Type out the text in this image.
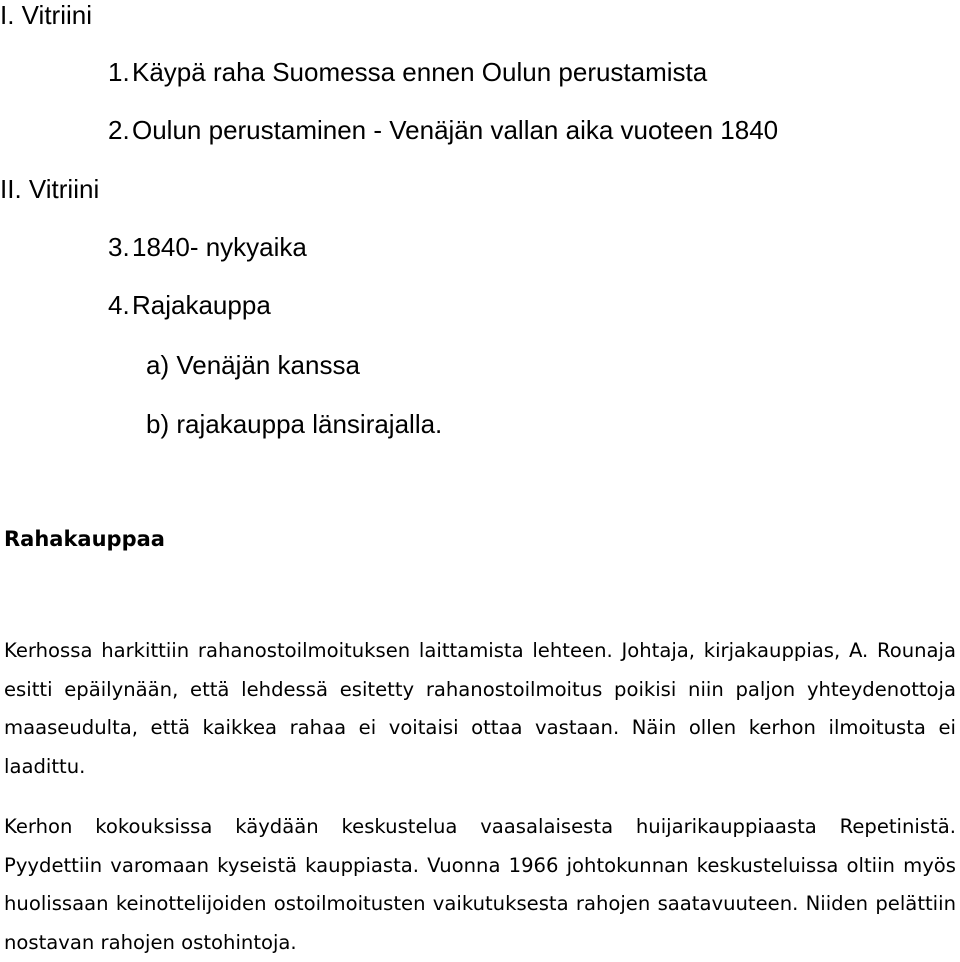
I. Vitriini
1.Käypä raha Suomessa ennen Oulun perustamista
2.Oulun perustaminen - Venäjän vallan aika vuoteen 1840
II. Vitriini
3.1840- nykyaika
4.Rajakauppa
a) Venäjän kanssa
b) rajakauppa länsirajalla.
Rahakauppaa

Kerhossa harkittiin rahanostoilmoituksen laittamista lehteen. Johtaja, kirjakauppias, A. Rounaja esitti epäilynään, että lehdessä esitetty rahanostoilmoitus poikisi niin paljon yhteydenottoja maaseudulta, että kaikkea rahaa ei voitaisi ottaa vastaan. Näin ollen kerhon ilmoitusta ei laadittu.

Kerhon kokouksissa käydään keskustelua vaasalaisesta huijarikauppiaasta Repetinistä. Pyydettiin varomaan kyseistä kauppiasta. Vuonna 1966 johtokunnan keskusteluissa oltiin myös huolissaan keinottelijoiden ostoilmoitusten vaikutuksesta rahojen saatavuuteen. Niiden pelättiin nostavan rahojen ostohintoja.
